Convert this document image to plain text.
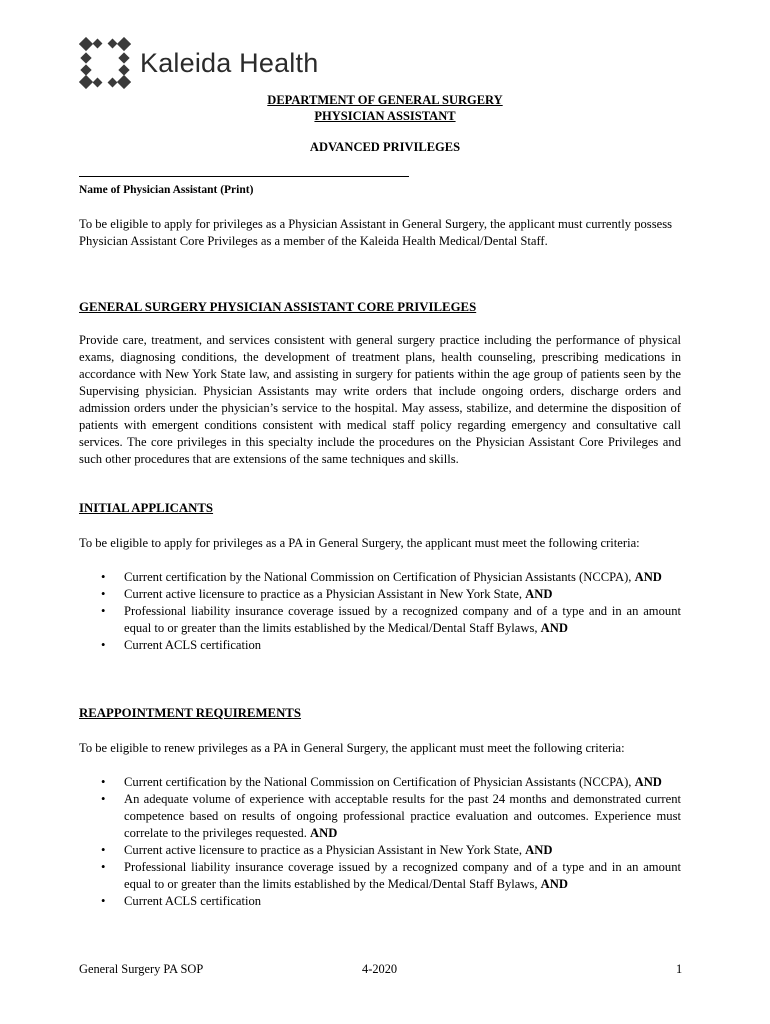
Kaleida Health
DEPARTMENT OF GENERAL SURGERY
PHYSICIAN ASSISTANT
ADVANCED PRIVILEGES
Name of Physician Assistant (Print)

To be eligible to apply for privileges as a Physician Assistant in General Surgery, the applicant must currently possess Physician Assistant Core Privileges as a member of the Kaleida Health Medical/Dental Staff.

GENERAL SURGERY PHYSICIAN ASSISTANT CORE PRIVILEGES

Provide care, treatment, and services consistent with general surgery practice including the performance of physical exams, diagnosing conditions, the development of treatment plans, health counseling, prescribing medications in accordance with New York State law, and assisting in surgery for patients within the age group of patients seen by the Supervising physician. Physician Assistants may write orders that include ongoing orders, discharge orders and admission orders under the physician’s service to the hospital. May assess, stabilize, and determine the disposition of patients with emergent conditions consistent with medical staff policy regarding emergency and consultative call services. The core privileges in this specialty include the procedures on the Physician Assistant Core Privileges and such other procedures that are extensions of the same techniques and skills.

INITIAL APPLICANTS

To be eligible to apply for privileges as a PA in General Surgery, the applicant must meet the following criteria:

• Current certification by the National Commission on Certification of Physician Assistants (NCCPA), AND
• Current active licensure to practice as a Physician Assistant in New York State, AND
• Professional liability insurance coverage issued by a recognized company and of a type and in an amount equal to or greater than the limits established by the Medical/Dental Staff Bylaws, AND
• Current ACLS certification
REAPPOINTMENT REQUIREMENTS

To be eligible to renew privileges as a PA in General Surgery, the applicant must meet the following criteria:

• Current certification by the National Commission on Certification of Physician Assistants (NCCPA), AND
• An adequate volume of experience with acceptable results for the past 24 months and demonstrated current competence based on results of ongoing professional practice evaluation and outcomes. Experience must correlate to the privileges requested. AND
• Current active licensure to practice as a Physician Assistant in New York State, AND
• Professional liability insurance coverage issued by a recognized company and of a type and in an amount equal to or greater than the limits established by the Medical/Dental Staff Bylaws, AND
• Current ACLS certification
General Surgery PA SOP	4-2020	1
